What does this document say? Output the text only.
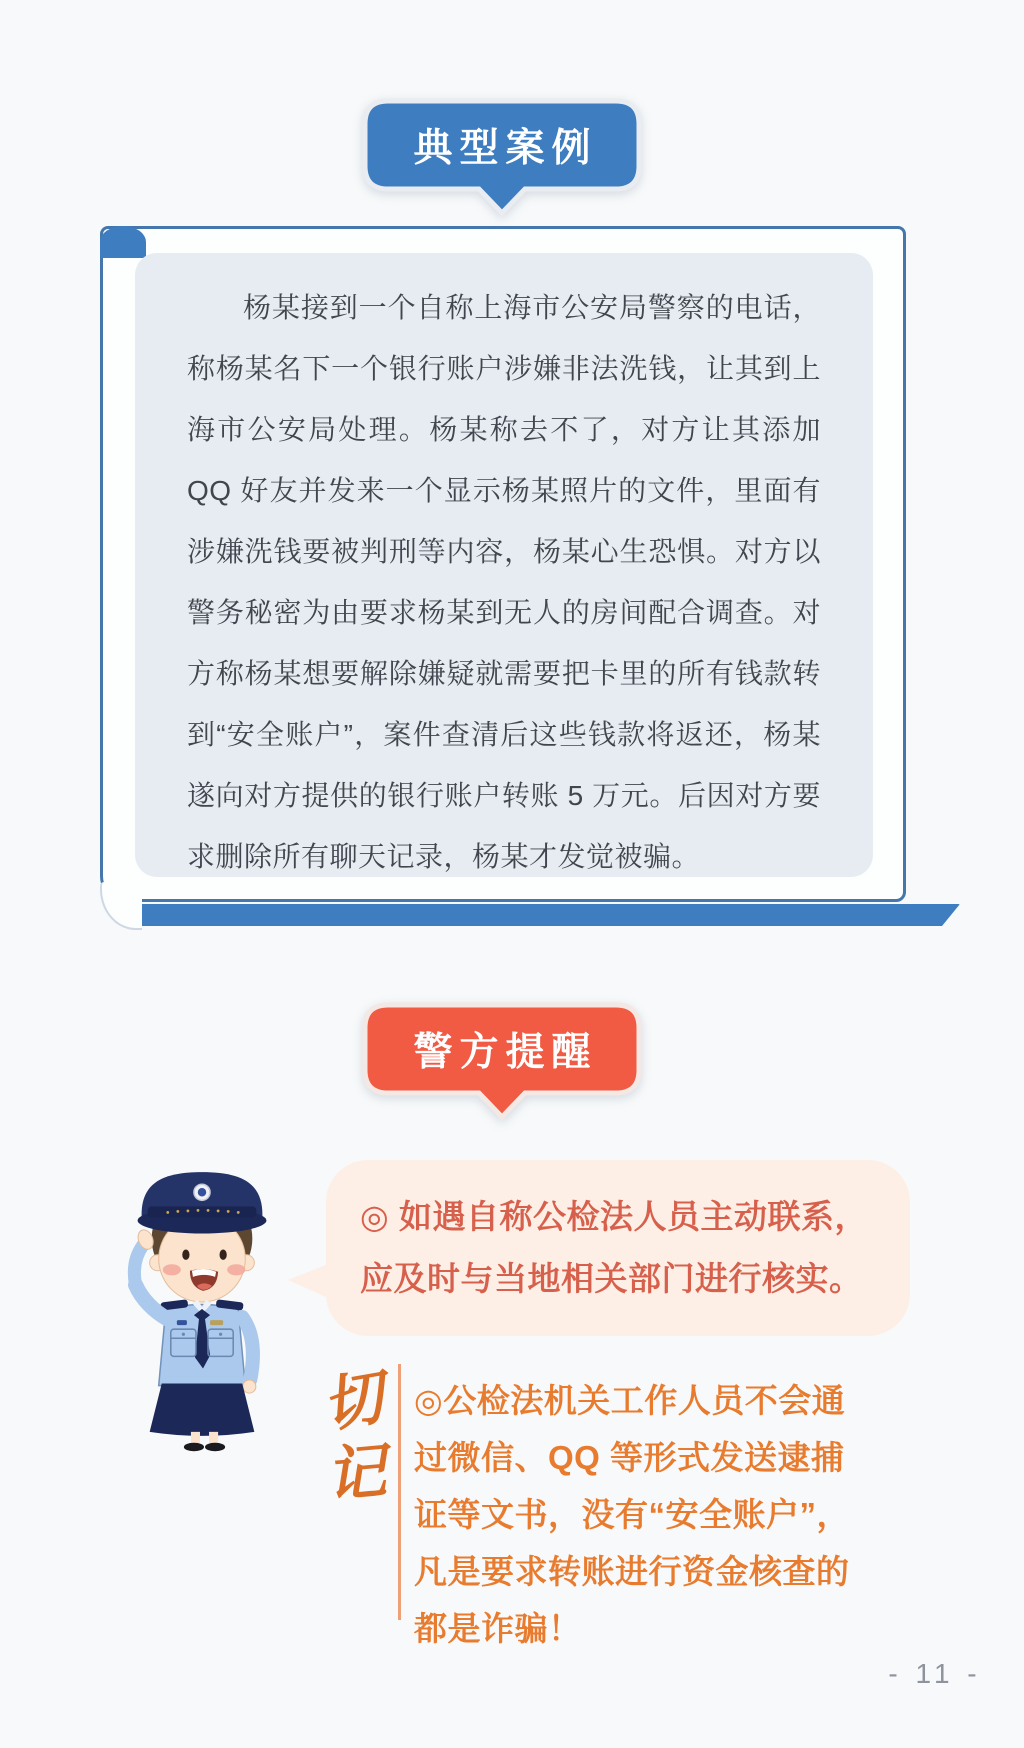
典型案例

杨某接到一个自称上海市公安局警察的电话，称杨某名下一个银行账户涉嫌非法洗钱，让其到上海市公安局处理。杨某称去不了，对方让其添加 QQ 好友并发来一个显示杨某照片的文件，里面有涉嫌洗钱要被判刑等内容，杨某心生恐惧。对方以警务秘密为由要求杨某到无人的房间配合调查。对方称杨某想要解除嫌疑就需要把卡里的所有钱款转到“安全账户”，案件查清后这些钱款将返还，杨某遂向对方提供的银行账户转账 5 万元。后因对方要求删除所有聊天记录，杨某才发觉被骗。

警方提醒
◎ 如遇自称公检法人员主动联系，
应及时与当地相关部门进行核实。
切
记
◎公检法机关工作人员不会通
过微信、QQ 等形式发送逮捕
证等文书，没有“安全账户”，
凡是要求转账进行资金核查的
都是诈骗！
- 11 -
